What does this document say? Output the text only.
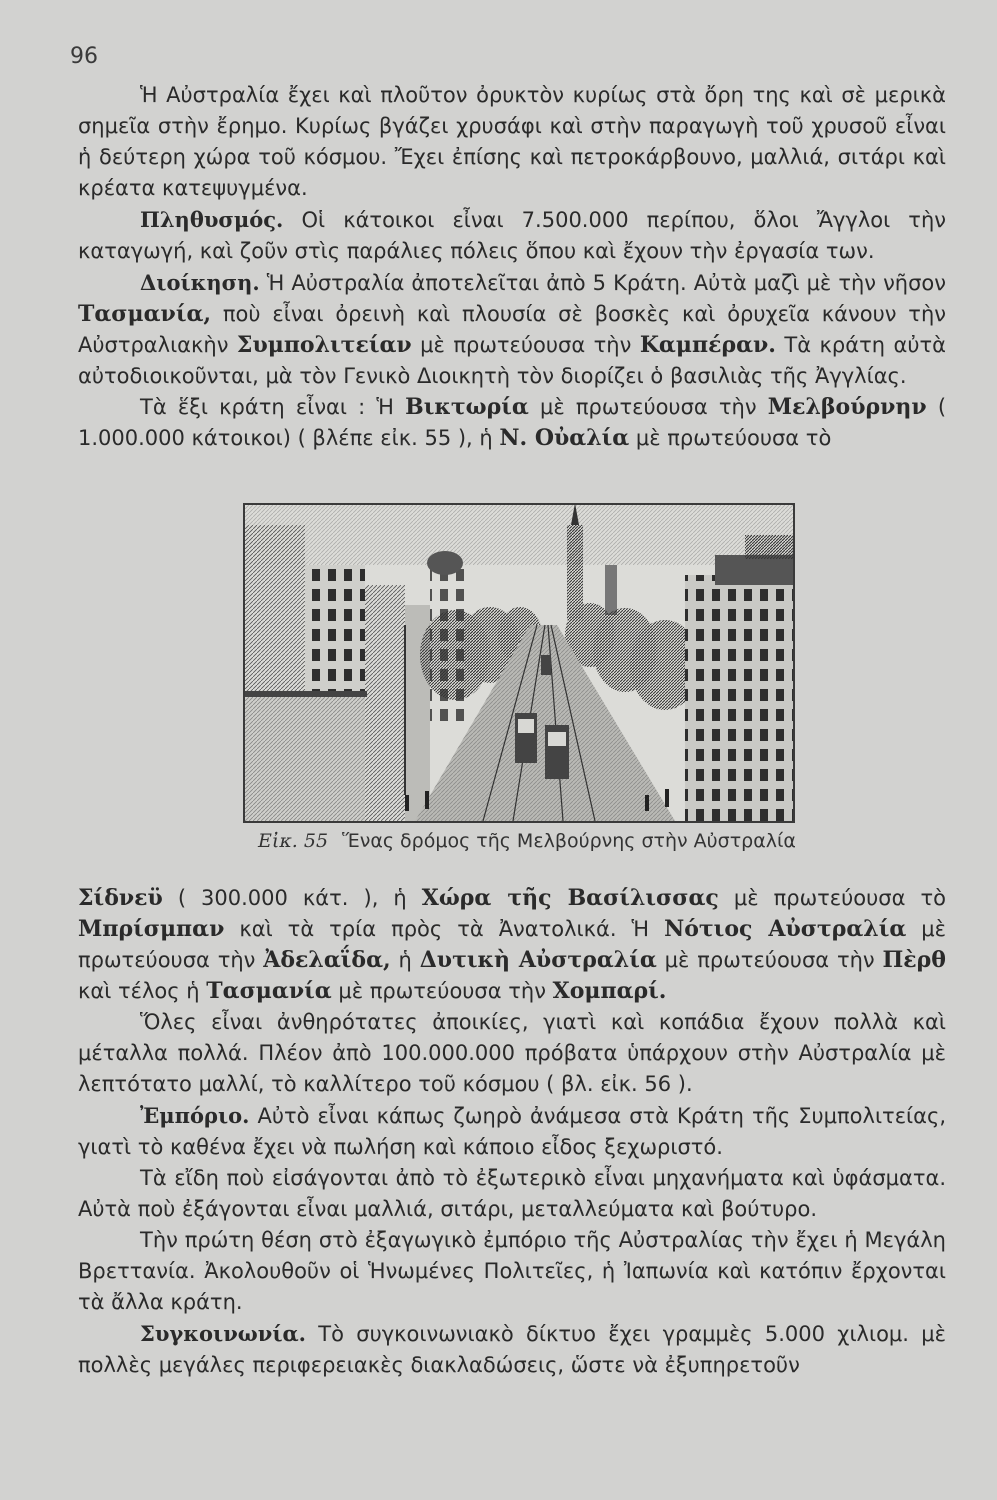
96

Ἡ Αὐστραλία ἔχει καὶ πλοῦτον ὀρυκτὸν κυρίως στὰ ὄρη της καὶ σὲ μερικὰ σημεῖα στὴν ἔρημο. Κυρίως βγάζει χρυσάφι καὶ στὴν παραγωγὴ τοῦ χρυσοῦ εἶναι ἡ δεύτερη χώρα τοῦ κόσμου. Ἔχει ἐπίσης καὶ πετροκάρβουνο, μαλλιά, σιτάρι καὶ κρέατα κατεψυγμένα.

Πληθυσμός. Οἱ κάτοικοι εἶναι 7.500.000 περίπου, ὅλοι Ἄγγλοι τὴν καταγωγή, καὶ ζοῦν στὶς παράλιες πόλεις ὅπου καὶ ἔχουν τὴν ἐργασία των.

Διοίκηση. Ἡ Αὐστραλία ἀποτελεῖται ἀπὸ 5 Κράτη. Αὐτὰ μαζὶ μὲ τὴν νῆσον Τασμανία, ποὺ εἶναι ὀρεινὴ καὶ πλουσία σὲ βοσκὲς καὶ ὀρυχεῖα κάνουν τὴν Αὐστραλιακὴν Συμπολιτείαν μὲ πρωτεύουσα τὴν Καμπέραν. Τὰ κράτη αὐτὰ αὐτοδιοικοῦνται, μὰ τὸν Γενικὸ Διοικητὴ τὸν διορίζει ὁ βασιλιὰς τῆς Ἀγγλίας.

Τὰ ἕξι κράτη εἶναι : Ἡ Βικτωρία μὲ πρωτεύουσα τὴν Μελβούρνην ( 1.000.000 κάτοικοι) ( βλέπε εἰκ. 55 ), ἡ Ν. Οὐαλία μὲ πρωτεύουσα τὸ

Εἰκ. 55 Ἕνας δρόμος τῆς Μελβούρνης στὴν Αὐστραλία

Σίδνεϋ ( 300.000 κάτ. ), ἡ Χώρα τῆς Βασίλισσας μὲ πρωτεύουσα τὸ Μπρίσμπαν καὶ τὰ τρία πρὸς τὰ Ἀνατολικά. Ἡ Νότιος Αὐστραλία μὲ πρωτεύουσα τὴν Ἀδελαΐδα, ἡ Δυτικὴ Αὐστραλία μὲ πρωτεύουσα τὴν Πὲρθ καὶ τέλος ἡ Τασμανία μὲ πρωτεύουσα τὴν Χομπαρί.

Ὅλες εἶναι ἀνθηρότατες ἀποικίες, γιατὶ καὶ κοπάδια ἔχουν πολλὰ καὶ μέταλλα πολλά. Πλέον ἀπὸ 100.000.000 πρόβατα ὑπάρχουν στὴν Αὐστραλία μὲ λεπτότατο μαλλί, τὸ καλλίτερο τοῦ κόσμου ( βλ. εἰκ. 56 ).

Ἐμπόριο. Αὐτὸ εἶναι κάπως ζωηρὸ ἀνάμεσα στὰ Κράτη τῆς Συμπολιτείας, γιατὶ τὸ καθένα ἔχει νὰ πωλήση καὶ κάποιο εἶδος ξεχωριστό.

Τὰ εἴδη ποὺ εἰσάγονται ἀπὸ τὸ ἐξωτερικὸ εἶναι μηχανήματα καὶ ὑφάσματα. Αὐτὰ ποὺ ἐξάγονται εἶναι μαλλιά, σιτάρι, μεταλλεύματα καὶ βούτυρο.

Τὴν πρώτη θέση στὸ ἐξαγωγικὸ ἐμπόριο τῆς Αὐστραλίας τὴν ἔχει ἡ Μεγάλη Βρεττανία. Ἀκολουθοῦν οἱ Ἡνωμένες Πολιτεῖες, ἡ Ἰαπωνία καὶ κατόπιν ἔρχονται τὰ ἄλλα κράτη.

Συγκοινωνία. Τὸ συγκοινωνιακὸ δίκτυο ἔχει γραμμὲς 5.000 χιλιομ. μὲ πολλὲς μεγάλες περιφερειακὲς διακλαδώσεις, ὥστε νὰ ἐξυπηρετοῦν
